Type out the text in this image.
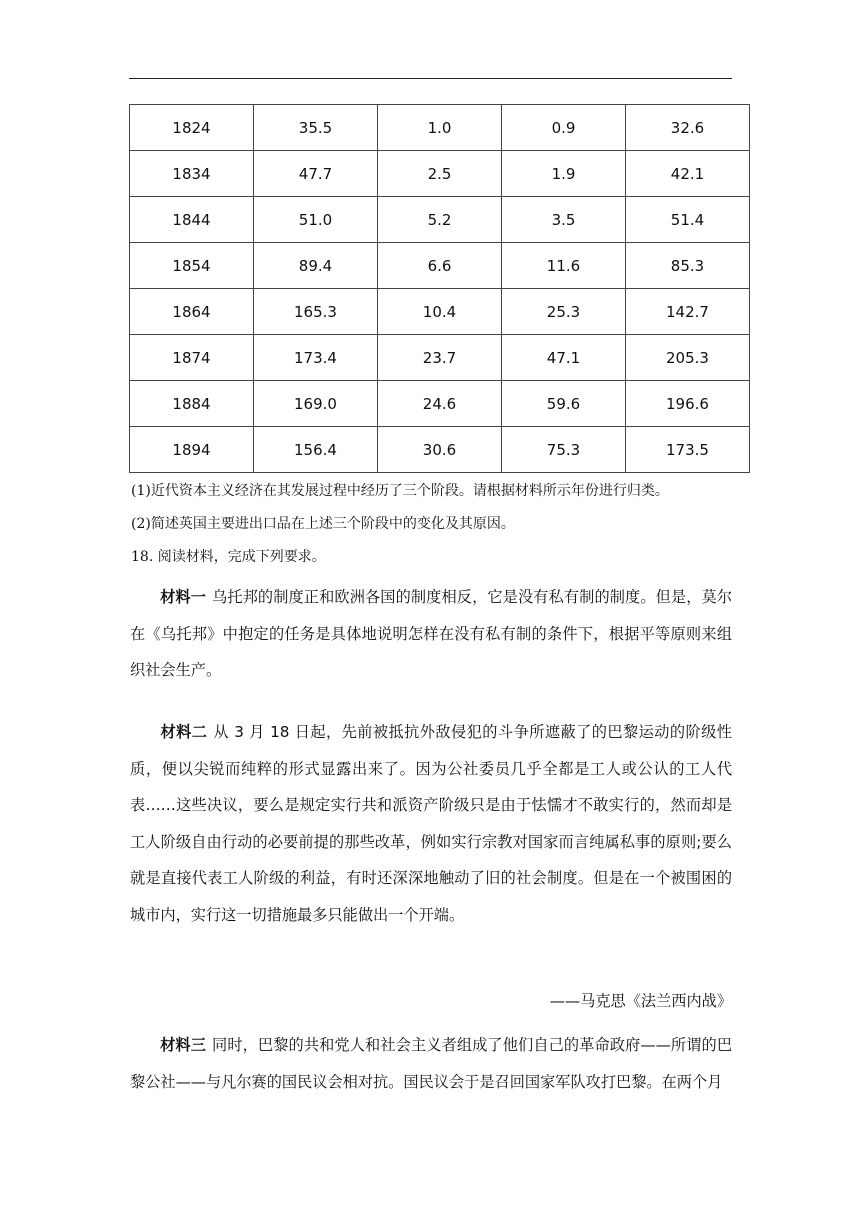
1824	35.5	1.0	0.9	32.6
1834	47.7	2.5	1.9	42.1
1844	51.0	5.2	3.5	51.4
1854	89.4	6.6	11.6	85.3
1864	165.3	10.4	25.3	142.7
1874	173.4	23.7	47.1	205.3
1884	169.0	24.6	59.6	196.6
1894	156.4	30.6	75.3	173.5
(1)近代资本主义经济在其发展过程中经历了三个阶段。请根据材料所示年份进行归类。
(2)简述英国主要进出口品在上述三个阶段中的变化及其原因。
18. 阅读材料，完成下列要求。
材料一 乌托邦的制度正和欧洲各国的制度相反，它是没有私有制的制度。但是，莫尔在《乌托邦》中抱定的任务是具体地说明怎样在没有私有制的条件下，根据平等原则来组织社会生产。
材料二 从 3 月 18 日起，先前被抵抗外敌侵犯的斗争所遮蔽了的巴黎运动的阶级性质，便以尖锐而纯粹的形式显露出来了。因为公社委员几乎全都是工人或公认的工人代表……这些决议，要么是规定实行共和派资产阶级只是由于怯懦才不敢实行的，然而却是工人阶级自由行动的必要前提的那些改革，例如实行宗教对国家而言纯属私事的原则;要么就是直接代表工人阶级的利益，有时还深深地触动了旧的社会制度。但是在一个被围困的城市内，实行这一切措施最多只能做出一个开端。
——马克思《法兰西内战》
材料三 同时，巴黎的共和党人和社会主义者组成了他们自己的革命政府——所谓的巴黎公社——与凡尔赛的国民议会相对抗。国民议会于是召回国家军队攻打巴黎。在两个月
